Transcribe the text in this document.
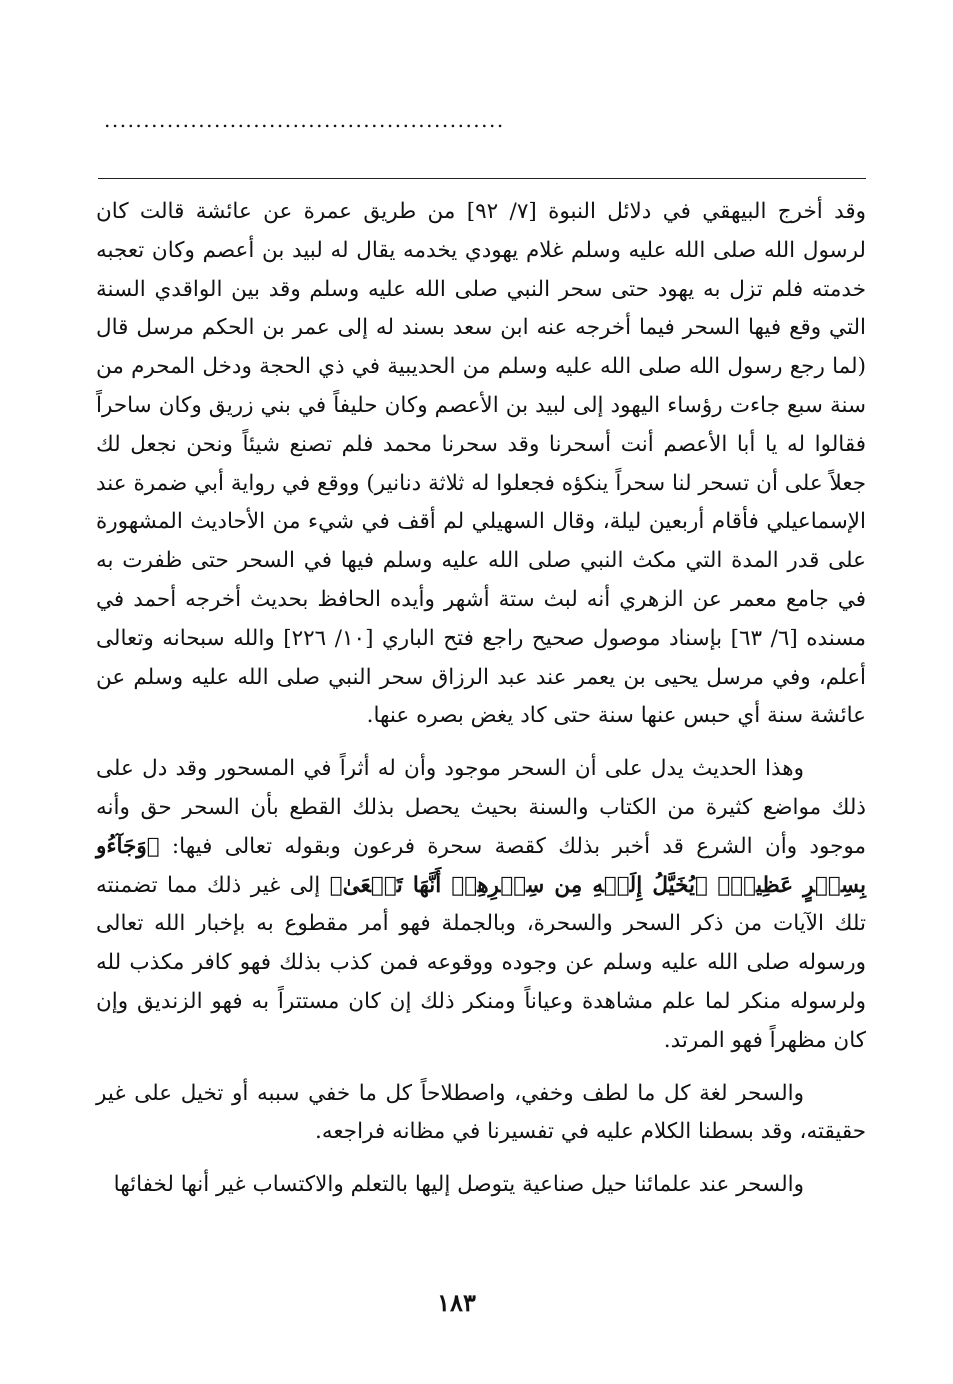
...................................................

وقد أخرج البيهقي في دلائل النبوة [٧/ ٩٢] من طريق عمرة عن عائشة قالت كان لرسول الله صلى الله عليه وسلم غلام يهودي يخدمه يقال له لبيد بن أعصم وكان تعجبه خدمته فلم تزل به يهود حتى سحر النبي صلى الله عليه وسلم وقد بين الواقدي السنة التي وقع فيها السحر فيما أخرجه عنه ابن سعد بسند له إلى عمر بن الحكم مرسل قال (لما رجع رسول الله صلى الله عليه وسلم من الحديبية في ذي الحجة ودخل المحرم من سنة سبع جاءت رؤساء اليهود إلى لبيد بن الأعصم وكان حليفاً في بني زريق وكان ساحراً فقالوا له يا أبا الأعصم أنت أسحرنا وقد سحرنا محمد فلم تصنع شيئاً ونحن نجعل لك جعلاً على أن تسحر لنا سحراً ينكؤه فجعلوا له ثلاثة دنانير) ووقع في رواية أبي ضمرة عند الإسماعيلي فأقام أربعين ليلة، وقال السهيلي لم أقف في شيء من الأحاديث المشهورة على قدر المدة التي مكث النبي صلى الله عليه وسلم فيها في السحر حتى ظفرت به في جامع معمر عن الزهري أنه لبث ستة أشهر وأيده الحافظ بحديث أخرجه أحمد في مسنده [٦/ ٦٣] بإسناد موصول صحيح راجع فتح الباري [١٠/ ٢٢٦] والله سبحانه وتعالى أعلم، وفي مرسل يحيى بن يعمر عند عبد الرزاق سحر النبي صلى الله عليه وسلم عن عائشة سنة أي حبس عنها سنة حتى كاد يغض بصره عنها.

وهذا الحديث يدل على أن السحر موجود وأن له أثراً في المسحور وقد دل على ذلك مواضع كثيرة من الكتاب والسنة بحيث يحصل بذلك القطع بأن السحر حق وأنه موجود وأن الشرع قد أخبر بذلك كقصة سحرة فرعون وبقوله تعالى فيها: ﴿وَجَآءُو بِسِحۡرٍ عَظِيمٖ﴾ ﴿يُخَيَّلُ إِلَيۡهِ مِن سِحۡرِهِمۡ أَنَّهَا تَسۡعَىٰ﴾ إلى غير ذلك مما تضمنته تلك الآيات من ذكر السحر والسحرة، وبالجملة فهو أمر مقطوع به بإخبار الله تعالى ورسوله صلى الله عليه وسلم عن وجوده ووقوعه فمن كذب بذلك فهو كافر مكذب لله ولرسوله منكر لما علم مشاهدة وعياناً ومنكر ذلك إن كان مستتراً به فهو الزنديق وإن كان مظهراً فهو المرتد.

والسحر لغة كل ما لطف وخفي، واصطلاحاً كل ما خفي سببه أو تخيل على غير حقيقته، وقد بسطنا الكلام عليه في تفسيرنا في مظانه فراجعه.

والسحر عند علمائنا حيل صناعية يتوصل إليها بالتعلم والاكتساب غير أنها لخفائها

١٨٣
